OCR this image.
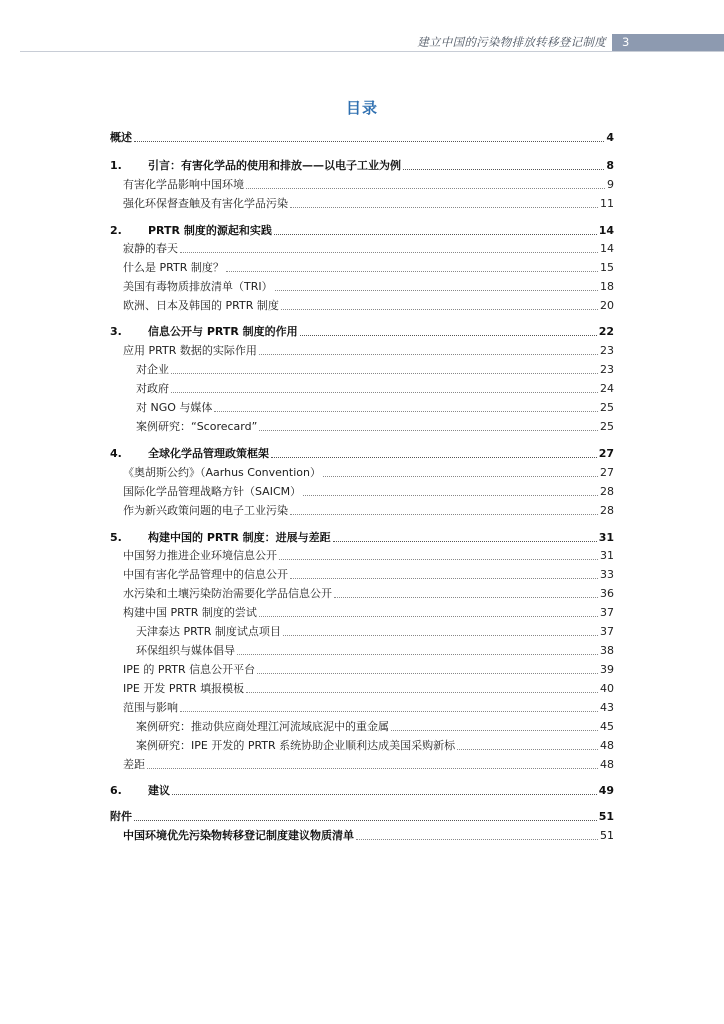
建立中国的污染物排放转移登记制度 3
目录
概述	4
1.	引言：有害化学品的使用和排放——以电子工业为例	8
有害化学品影响中国环境	9
强化环保督查触及有害化学品污染	11
2.	PRTR 制度的源起和实践	14
寂静的春天	14
什么是 PRTR 制度？	15
美国有毒物质排放清单（TRI）	18
欧洲、日本及韩国的 PRTR 制度	20
3.	信息公开与 PRTR 制度的作用	22
应用 PRTR 数据的实际作用	23
对企业	23
对政府	24
对 NGO 与媒体	25
案例研究：“Scorecard”	25
4.	全球化学品管理政策框架	27
《奥胡斯公约》（Aarhus Convention）	27
国际化学品管理战略方针（SAICM）	28
作为新兴政策问题的电子工业污染	28
5.	构建中国的 PRTR 制度：进展与差距	31
中国努力推进企业环境信息公开	31
中国有害化学品管理中的信息公开	33
水污染和土壤污染防治需要化学品信息公开	36
构建中国 PRTR 制度的尝试	37
天津泰达 PRTR 制度试点项目	37
环保组织与媒体倡导	38
IPE 的 PRTR 信息公开平台	39
IPE 开发 PRTR 填报模板	40
范围与影响	43
案例研究：推动供应商处理江河流域底泥中的重金属	45
案例研究：IPE 开发的 PRTR 系统协助企业顺利达成美国采购新标	48
差距	48
6.	建议	49
附件	51
中国环境优先污染物转移登记制度建议物质清单	51
